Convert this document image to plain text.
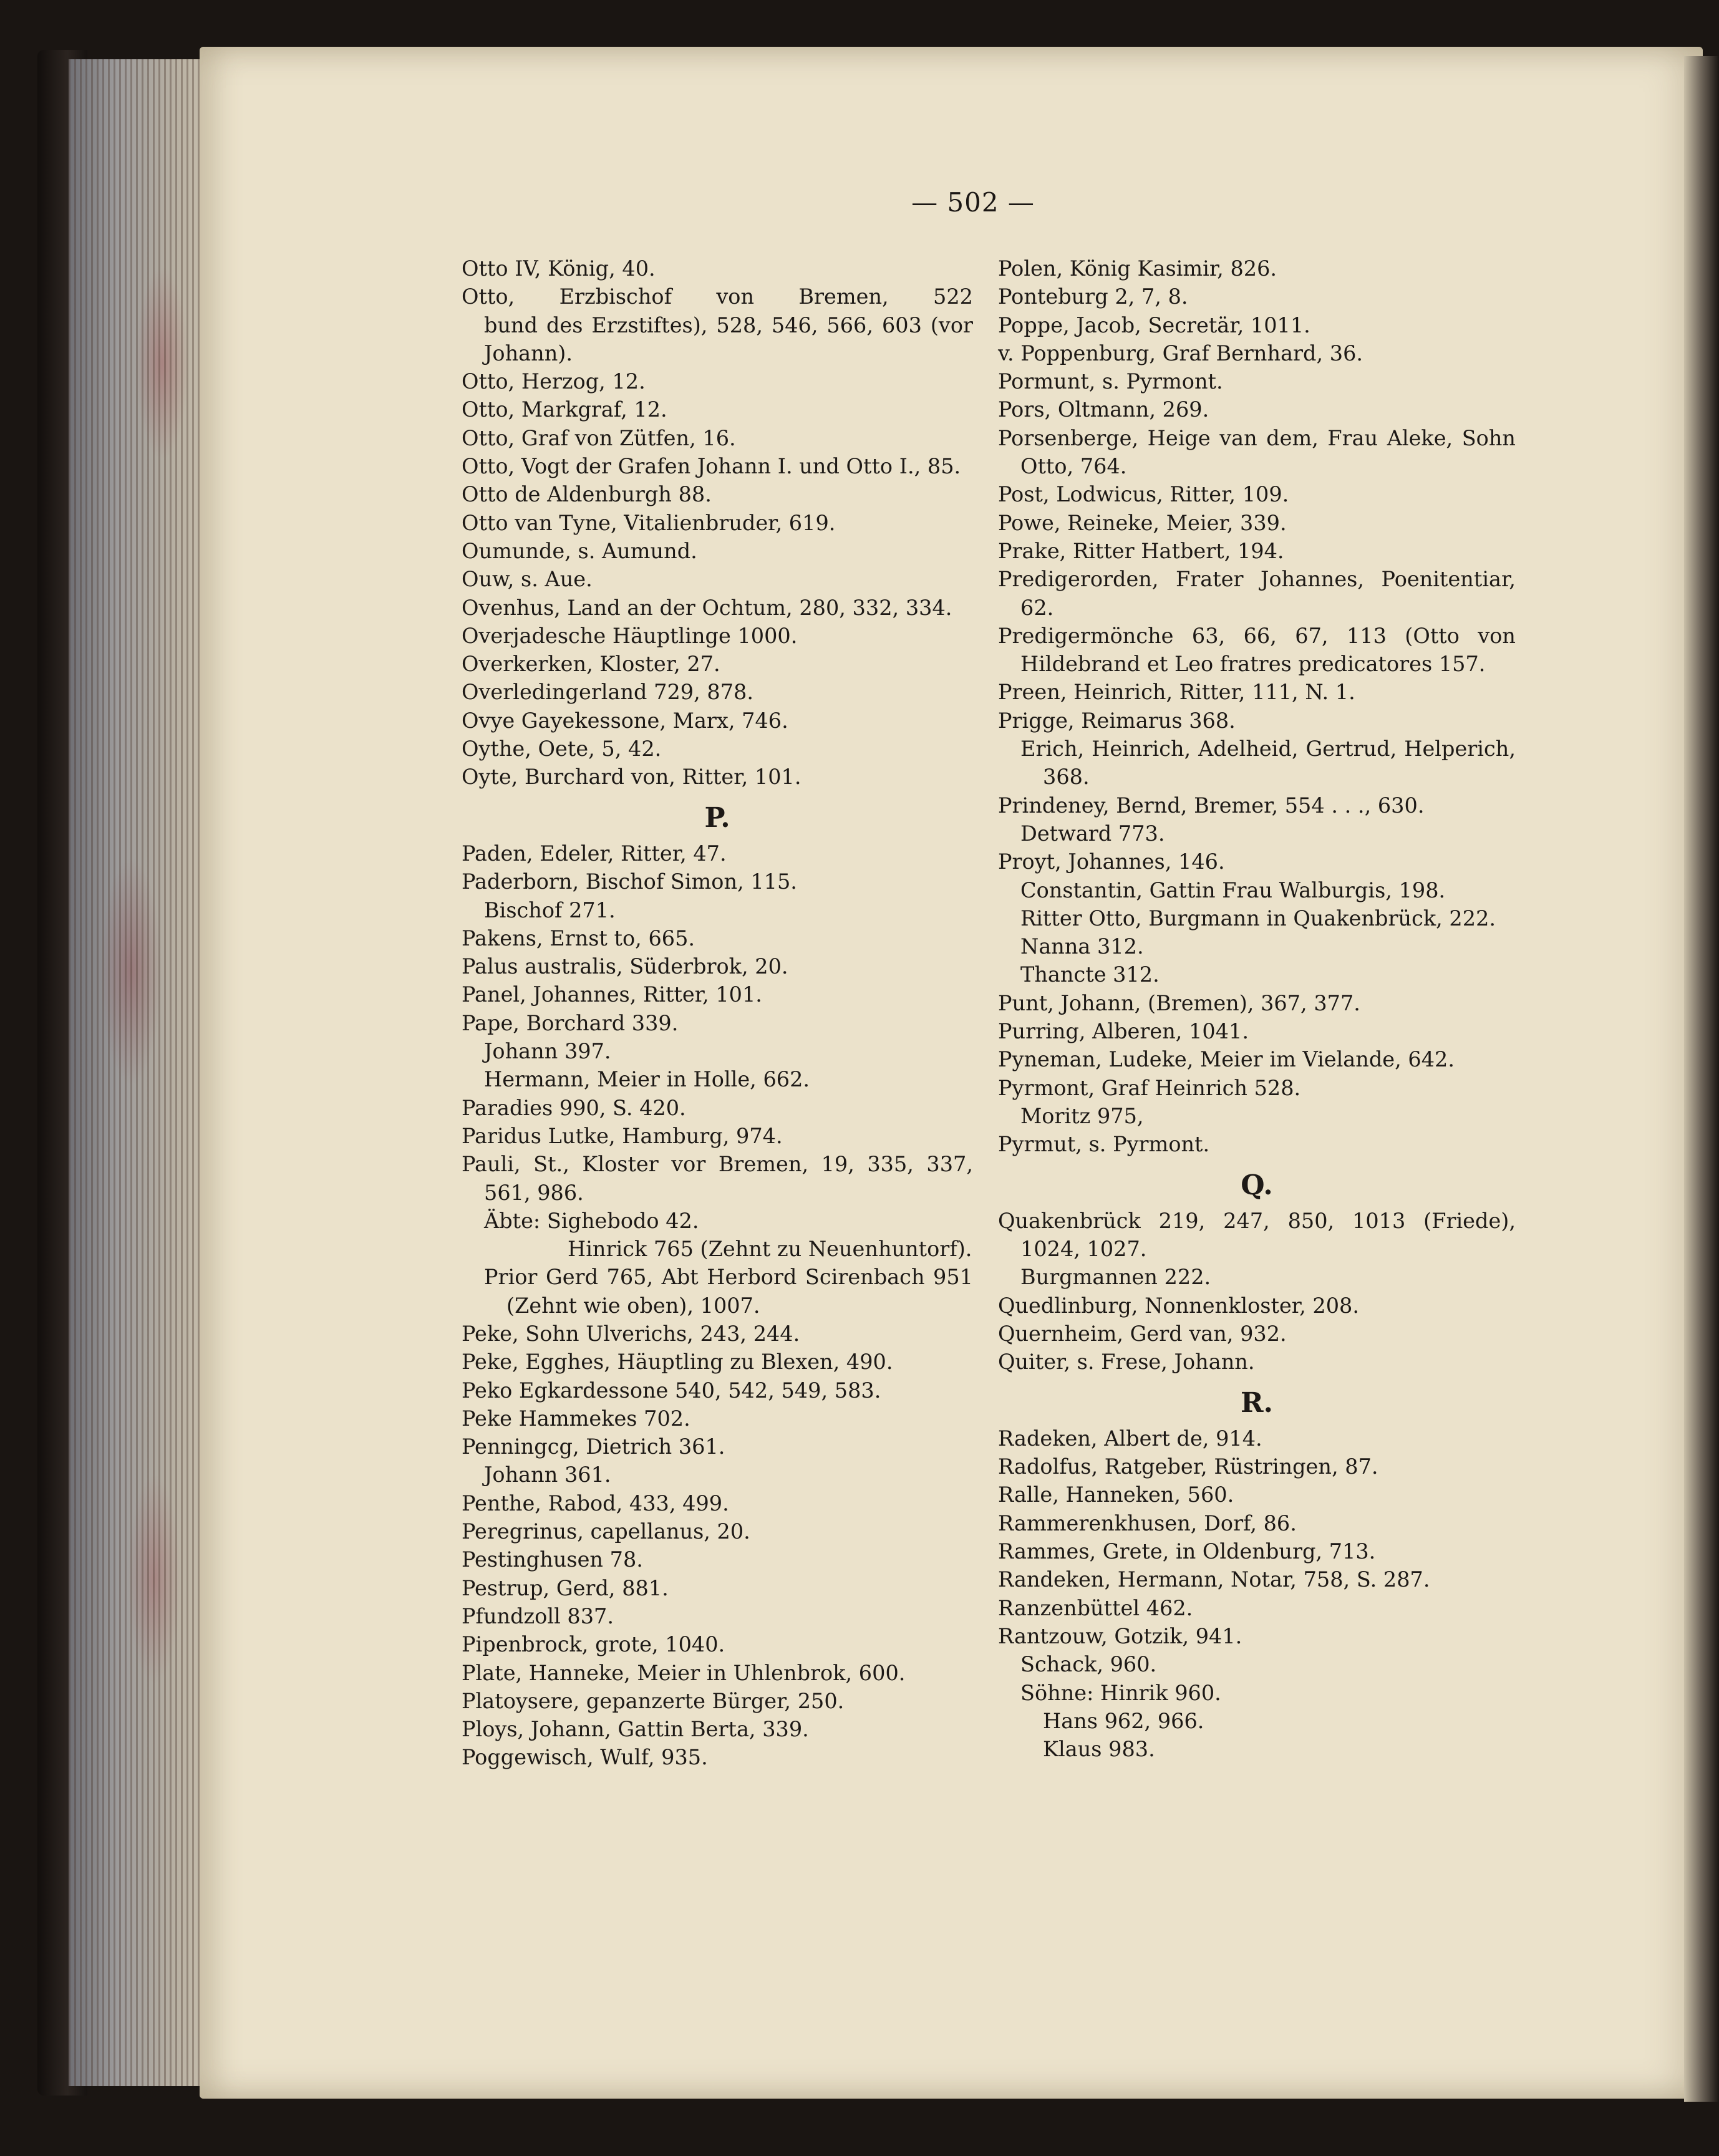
— 502 —
Otto IV, König, 40.
Otto, Erzbischof von Bremen, 522
bund des Erzstiftes), 528, 546, 566, 603 (vor
Johann).
Otto, Herzog, 12.
Otto, Markgraf, 12.
Otto, Graf von Zütfen, 16.
Otto, Vogt der Grafen Johann I. und Otto I., 85.
Otto de Aldenburgh 88.
Otto van Tyne, Vitalienbruder, 619.
Oumunde, s. Aumund.
Ouw, s. Aue.
Ovenhus, Land an der Ochtum, 280, 332, 334.
Overjadesche Häuptlinge 1000.
Overkerken, Kloster, 27.
Overledingerland 729, 878.
Ovye Gayekessone, Marx, 746.
Oythe, Oete, 5, 42.
Oyte, Burchard von, Ritter, 101.
P.
Paden, Edeler, Ritter, 47.
Paderborn, Bischof Simon, 115.
Bischof 271.
Pakens, Ernst to, 665.
Palus australis, Süderbrok, 20.
Panel, Johannes, Ritter, 101.
Pape, Borchard 339.
Johann 397.
Hermann, Meier in Holle, 662.
Paradies 990, S. 420.
Paridus Lutke, Hamburg, 974.
Pauli, St., Kloster vor Bremen, 19, 335, 337,
561, 986.
Äbte: Sighebodo 42.
Hinrick 765 (Zehnt zu Neuenhuntorf).
Prior Gerd 765, Abt Herbord Scirenbach 951
(Zehnt wie oben), 1007.
Peke, Sohn Ulverichs, 243, 244.
Peke, Egghes, Häuptling zu Blexen, 490.
Peko Egkardessone 540, 542, 549, 583.
Peke Hammekes 702.
Penningcg, Dietrich 361.
Johann 361.
Penthe, Rabod, 433, 499.
Peregrinus, capellanus, 20.
Pestinghusen 78.
Pestrup, Gerd, 881.
Pfundzoll 837.
Pipenbrock, grote, 1040.
Plate, Hanneke, Meier in Uhlenbrok, 600.
Platoysere, gepanzerte Bürger, 250.
Ploys, Johann, Gattin Berta, 339.
Poggewisch, Wulf, 935.
Polen, König Kasimir, 826.
Ponteburg 2, 7, 8.
Poppe, Jacob, Secretär, 1011.
v. Poppenburg, Graf Bernhard, 36.
Pormunt, s. Pyrmont.
Pors, Oltmann, 269.
Porsenberge, Heige van dem, Frau Aleke, Sohn
Otto, 764.
Post, Lodwicus, Ritter, 109.
Powe, Reineke, Meier, 339.
Prake, Ritter Hatbert, 194.
Predigerorden, Frater Johannes, Poenitentiar,
62.
Predigermönche 63, 66, 67, 113 (Otto von
Hildebrand et Leo fratres predicatores 157.
Preen, Heinrich, Ritter, 111, N. 1.
Prigge, Reimarus 368.
Erich, Heinrich, Adelheid, Gertrud, Helperich,
368.
Prindeney, Bernd, Bremer, 554 . . ., 630.
Detward 773.
Proyt, Johannes, 146.
Constantin, Gattin Frau Walburgis, 198.
Ritter Otto, Burgmann in Quakenbrück, 222.
Nanna 312.
Thancte 312.
Punt, Johann, (Bremen), 367, 377.
Purring, Alberen, 1041.
Pyneman, Ludeke, Meier im Vielande, 642.
Pyrmont, Graf Heinrich 528.
Moritz 975,
Pyrmut, s. Pyrmont.
Q.
Quakenbrück 219, 247, 850, 1013 (Friede),
1024, 1027.
Burgmannen 222.
Quedlinburg, Nonnenkloster, 208.
Quernheim, Gerd van, 932.
Quiter, s. Frese, Johann.
R.
Radeken, Albert de, 914.
Radolfus, Ratgeber, Rüstringen, 87.
Ralle, Hanneken, 560.
Rammerenkhusen, Dorf, 86.
Rammes, Grete, in Oldenburg, 713.
Randeken, Hermann, Notar, 758, S. 287.
Ranzenbüttel 462.
Rantzouw, Gotzik, 941.
Schack, 960.
Söhne: Hinrik 960.
Hans 962, 966.
Klaus 983.
